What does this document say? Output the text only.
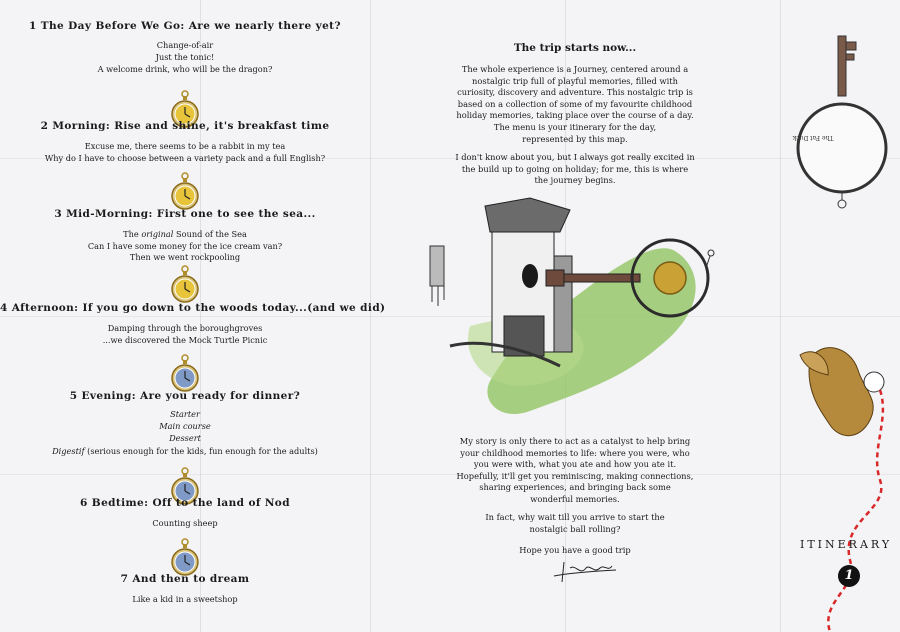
1 The Day Before We Go: Are we nearly there yet?
Change-of-air
Just the tonic!
A welcome drink, who will be the dragon?
2 Morning: Rise and shine, it's breakfast time
Excuse me, there seems to be a rabbit in my tea
Why do I have to choose between a variety pack and a full English?
3 Mid-Morning: First one to see the sea...
The original Sound of the Sea
Can I have some money for the ice cream van?
Then we went rockpooling
4 Afternoon: If you go down to the woods today...(and we did)
Damping through the boroughgroves
...we discovered the Mock Turtle Picnic
5 Evening: Are you ready for dinner?
Starter
Main course
Dessert
Digestif (serious enough for the kids, fun enough for the adults)
6 Bedtime: Off to the land of Nod
Counting sheep
7 And then to dream
Like a kid in a sweetshop
The trip starts now...
The whole experience is a Journey, centered around a
nostalgic trip full of playful memories, filled with
curiosity, discovery and adventure. This nostalgic trip is
based on a collection of some of my favourite childhood
holiday memories, taking place over the course of a day.
The menu is your itinerary for the day,
represented by this map.
I don't know about you, but I always got really excited in
the build up to going on holiday; for me, this is where
the journey begins.
My story is only there to act as a catalyst to help bring
your childhood memories to life: where you were, who
you were with, what you ate and how you ate it.
Hopefully, it'll get you reminiscing, making connections,
sharing experiences, and bringing back some
wonderful memories.
In fact, why wait till you arrive to start the
nostalgic ball rolling?
Hope you have a good trip
The Fat Duck
1
ITINERARY
